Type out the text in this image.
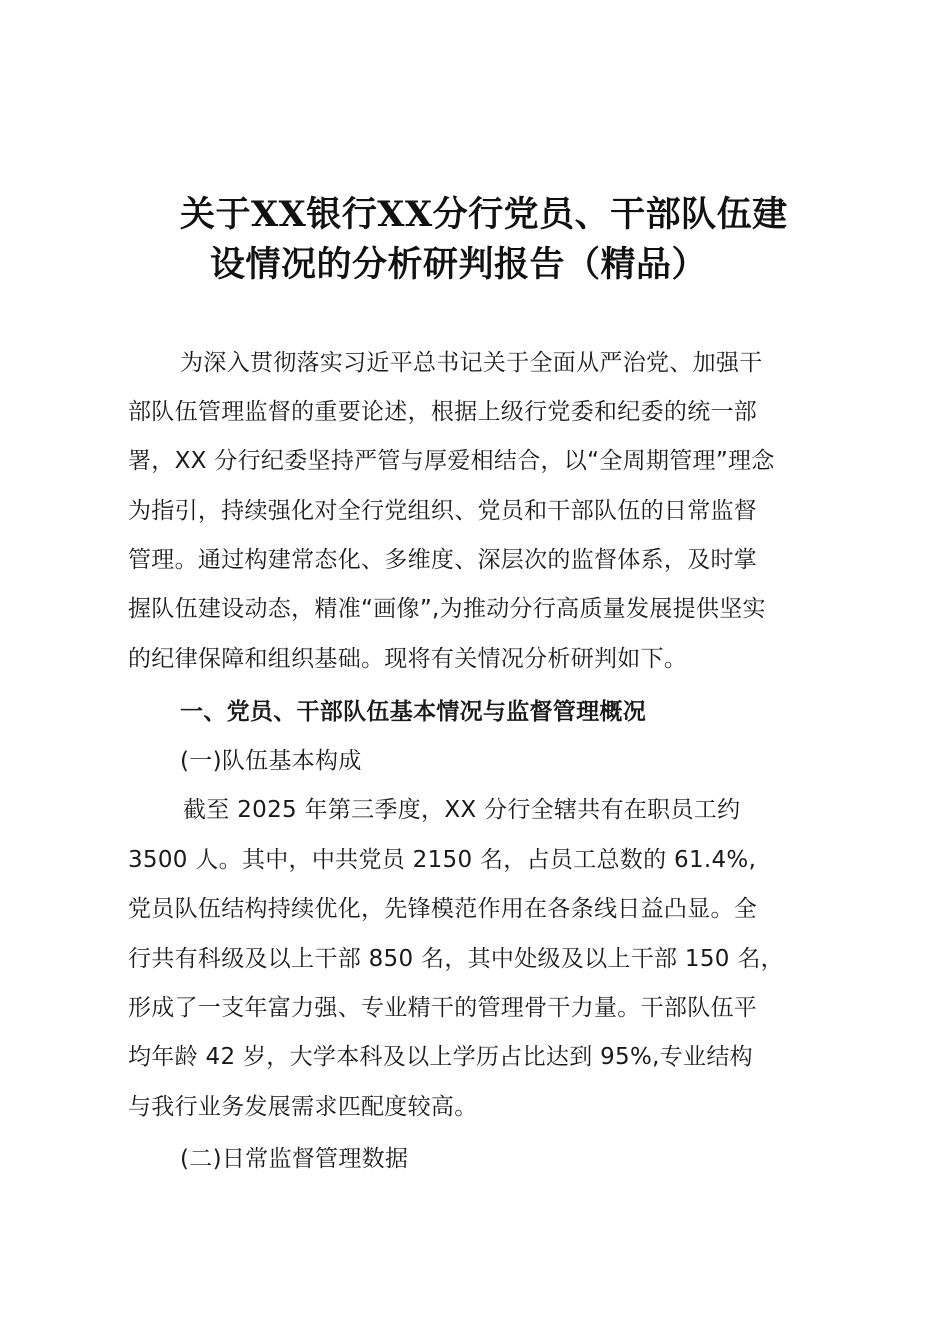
关于XX银行XX分行党员、干部队伍建
设情况的分析研判报告（精品）
为深入贯彻落实习近平总书记关于全面从严治党、加强干
部队伍管理监督的重要论述，根据上级行党委和纪委的统一部
署，XX 分行纪委坚持严管与厚爱相结合，以“全周期管理”理念
为指引，持续强化对全行党组织、党员和干部队伍的日常监督
管理。通过构建常态化、多维度、深层次的监督体系，及时掌
握队伍建设动态，精准“画像”,为推动分行高质量发展提供坚实
的纪律保障和组织基础。现将有关情况分析研判如下。
一、党员、干部队伍基本情况与监督管理概况
(一)队伍基本构成
截至 2025 年第三季度，XX 分行全辖共有在职员工约
3500 人。其中，中共党员 2150 名，占员工总数的 61.4%,
党员队伍结构持续优化，先锋模范作用在各条线日益凸显。全
行共有科级及以上干部 850 名，其中处级及以上干部 150 名，
形成了一支年富力强、专业精干的管理骨干力量。干部队伍平
均年龄 42 岁，大学本科及以上学历占比达到 95%,专业结构
与我行业务发展需求匹配度较高。
(二)日常监督管理数据
